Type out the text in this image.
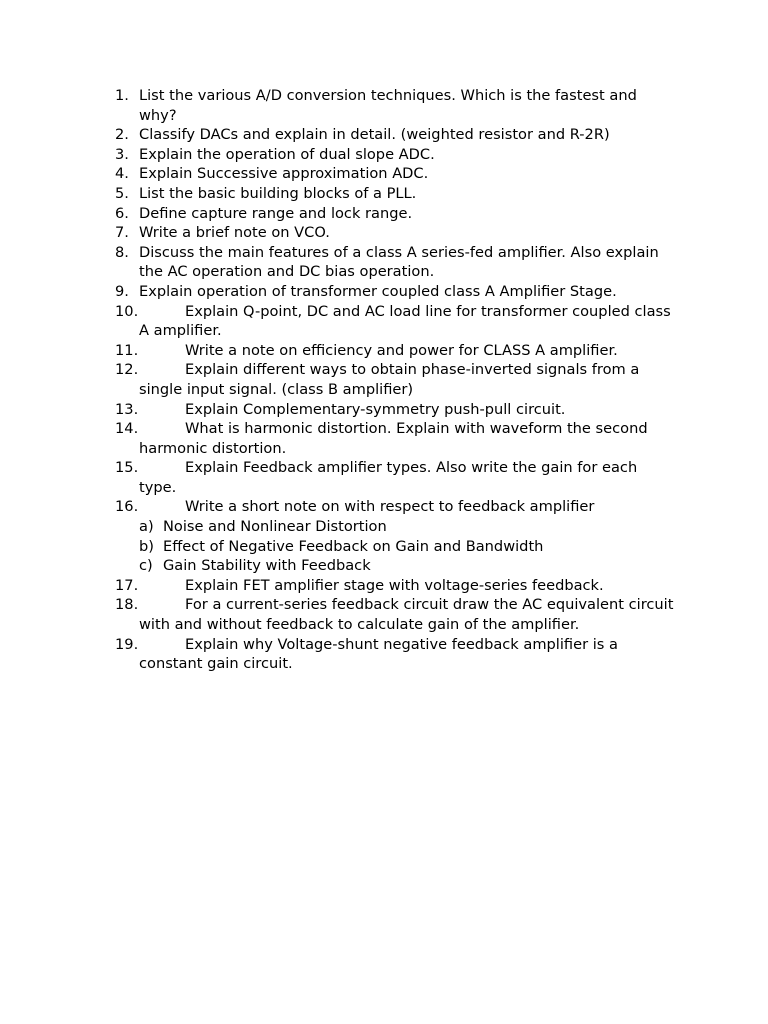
1. List the various A/D conversion techniques. Which is the fastest and why?
2. Classify DACs and explain in detail. (weighted resistor and R-2R)
3. Explain the operation of dual slope ADC.
4. Explain Successive approximation ADC.
5. List the basic building blocks of a PLL.
6. Define capture range and lock range.
7. Write a brief note on VCO.
8. Discuss the main features of a class A series-fed amplifier. Also explain the AC operation and DC bias operation.
9. Explain operation of transformer coupled class A Amplifier Stage.
10.	Explain Q-point, DC and AC load line for transformer coupled class A amplifier.
11.	Write a note on efficiency and power for CLASS A amplifier.
12.	Explain different ways to obtain phase-inverted signals from a single input signal. (class B amplifier)
13.	Explain Complementary-symmetry push-pull circuit.
14.	What is harmonic distortion. Explain with waveform the second harmonic distortion.
15.	Explain Feedback amplifier types. Also write the gain for each type.
16.	Write a short note on with respect to feedback amplifier
a) Noise and Nonlinear Distortion
b) Effect of Negative Feedback on Gain and Bandwidth
c) Gain Stability with Feedback
17.	Explain FET amplifier stage with voltage-series feedback.
18.	For a current-series feedback circuit draw the AC equivalent circuit with and without feedback to calculate gain of the amplifier.
19.	Explain why Voltage-shunt negative feedback amplifier is a constant gain circuit.
